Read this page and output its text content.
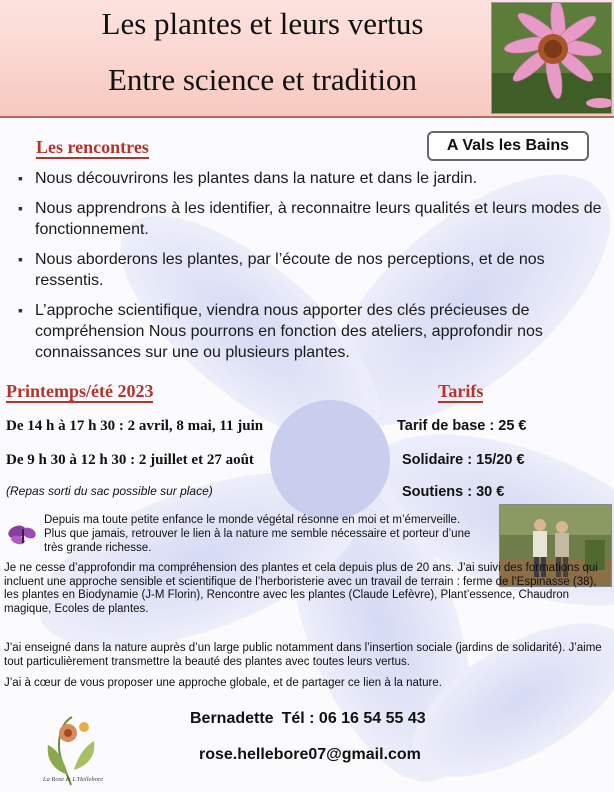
Les plantes et leurs vertus
Entre science et tradition
Les rencontres	A Vals les Bains
▪ Nous découvrirons les plantes dans la nature et dans le jardin.
▪ Nous apprendrons à les identifier, à reconnaitre leurs qualités et leurs modes de fonctionnement.
▪ Nous aborderons les plantes, par l’écoute de nos perceptions, et de nos ressentis.
▪ L’approche scientifique, viendra nous apporter des clés précieuses de compréhension Nous pourrons en fonction des ateliers, approfondir nos connaissances sur une ou plusieurs plantes.
Printemps/été 2023	Tarifs
De 14 h à 17 h 30 : 2 avril, 8 mai, 11 juin	Tarif de base : 25 €
De 9 h 30 à 12 h 30 : 2 juillet et 27 août	Solidaire : 15/20 €
(Repas sorti du sac possible sur place)	Soutiens : 30 €
Depuis ma toute petite enfance le monde végétal résonne en moi et m’émerveille. Plus que jamais, retrouver le lien à la nature me semble nécessaire et porteur d’une très grande richesse.

Je ne cesse d’approfondir ma compréhension des plantes et cela depuis plus de 20 ans. J’ai suivi des formations qui incluent une approche sensible et scientifique de l’herboristerie avec un travail de terrain : ferme de l’Espinasse (38), les plantes en Biodynamie (J-M Florin), Rencontre avec les plantes (Claude Lefèvre), Plant’essence, Chaudron magique, Ecoles de plantes.

J’ai enseigné dans la nature auprès d’un large public notamment dans l’insertion sociale (jardins de solidarité). J’aime tout particulièrement transmettre la beauté des plantes avec toutes leurs vertus.

J’ai à cœur de vous proposer une approche globale, et de partager ce lien à la nature.

La Rose & L'Hellebore
Bernadette Tél : 06 16 54 55 43
rose.hellebore07@gmail.com
